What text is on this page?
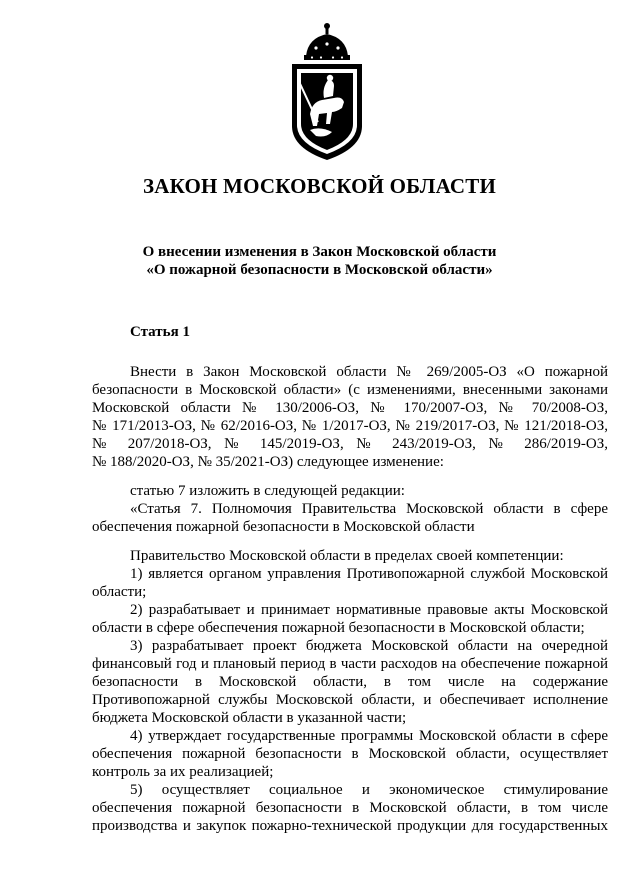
ЗАКОН МОСКОВСКОЙ ОБЛАСТИ
О внесении изменения в Закон Московской области
«О пожарной безопасности в Московской области»
Статья 1
Внести в Закон Московской области № 269/2005-ОЗ «О пожарной
безопасности в Московской области» (с изменениями, внесенными законами
Московской области № 130/2006-ОЗ, № 170/2007-ОЗ, № 70/2008-ОЗ,
№ 171/2013-ОЗ, № 62/2016-ОЗ, № 1/2017-ОЗ, № 219/2017-ОЗ, № 121/2018-ОЗ,
№ 207/2018-ОЗ, № 145/2019-ОЗ, № 243/2019-ОЗ, № 286/2019-ОЗ,
№ 188/2020-ОЗ, № 35/2021-ОЗ) следующее изменение:
статью 7 изложить в следующей редакции:
«Статья 7. Полномочия Правительства Московской области в сфере
обеспечения пожарной безопасности в Московской области
Правительство Московской области в пределах своей компетенции:
1) является органом управления Противопожарной службой Московской
области;
2) разрабатывает и принимает нормативные правовые акты Московской
области в сфере обеспечения пожарной безопасности в Московской области;
3) разрабатывает проект бюджета Московской области на очередной
финансовый год и плановый период в части расходов на обеспечение пожарной
безопасности в Московской области, в том числе на содержание
Противопожарной службы Московской области, и обеспечивает исполнение
бюджета Московской области в указанной части;
4) утверждает государственные программы Московской области в сфере
обеспечения пожарной безопасности в Московской области, осуществляет
контроль за их реализацией;
5) осуществляет социальное и экономическое стимулирование
обеспечения пожарной безопасности в Московской области, в том числе
производства и закупок пожарно-технической продукции для государственных
